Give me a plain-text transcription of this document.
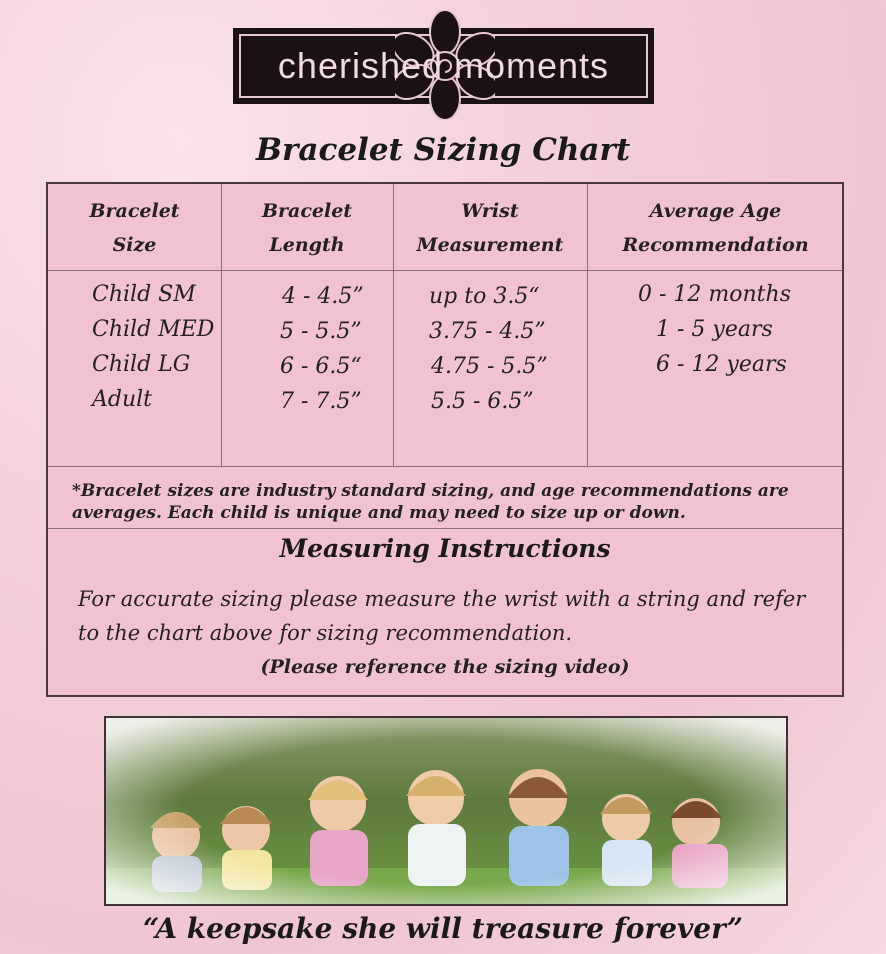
cherished moments
Bracelet Sizing Chart
Bracelet
Size
Bracelet
Length
Wrist
Measurement
Average Age
Recommendation
Child SM
Child MED
Child LG
Adult
4 - 4.5”
5 - 5.5”
6 - 6.5“
7 - 7.5”
up to 3.5“
3.75 - 4.5”
4.75 - 5.5”
5.5 - 6.5”
0 - 12 months
1 - 5 years
6 - 12 years
*Bracelet sizes are industry standard sizing, and age recommendations are averages. Each child is unique and may need to size up or down.
Measuring Instructions
For accurate sizing please measure the wrist with a string and refer to the chart above for sizing recommendation.
(Please reference the sizing video)
“A keepsake she will treasure forever”
